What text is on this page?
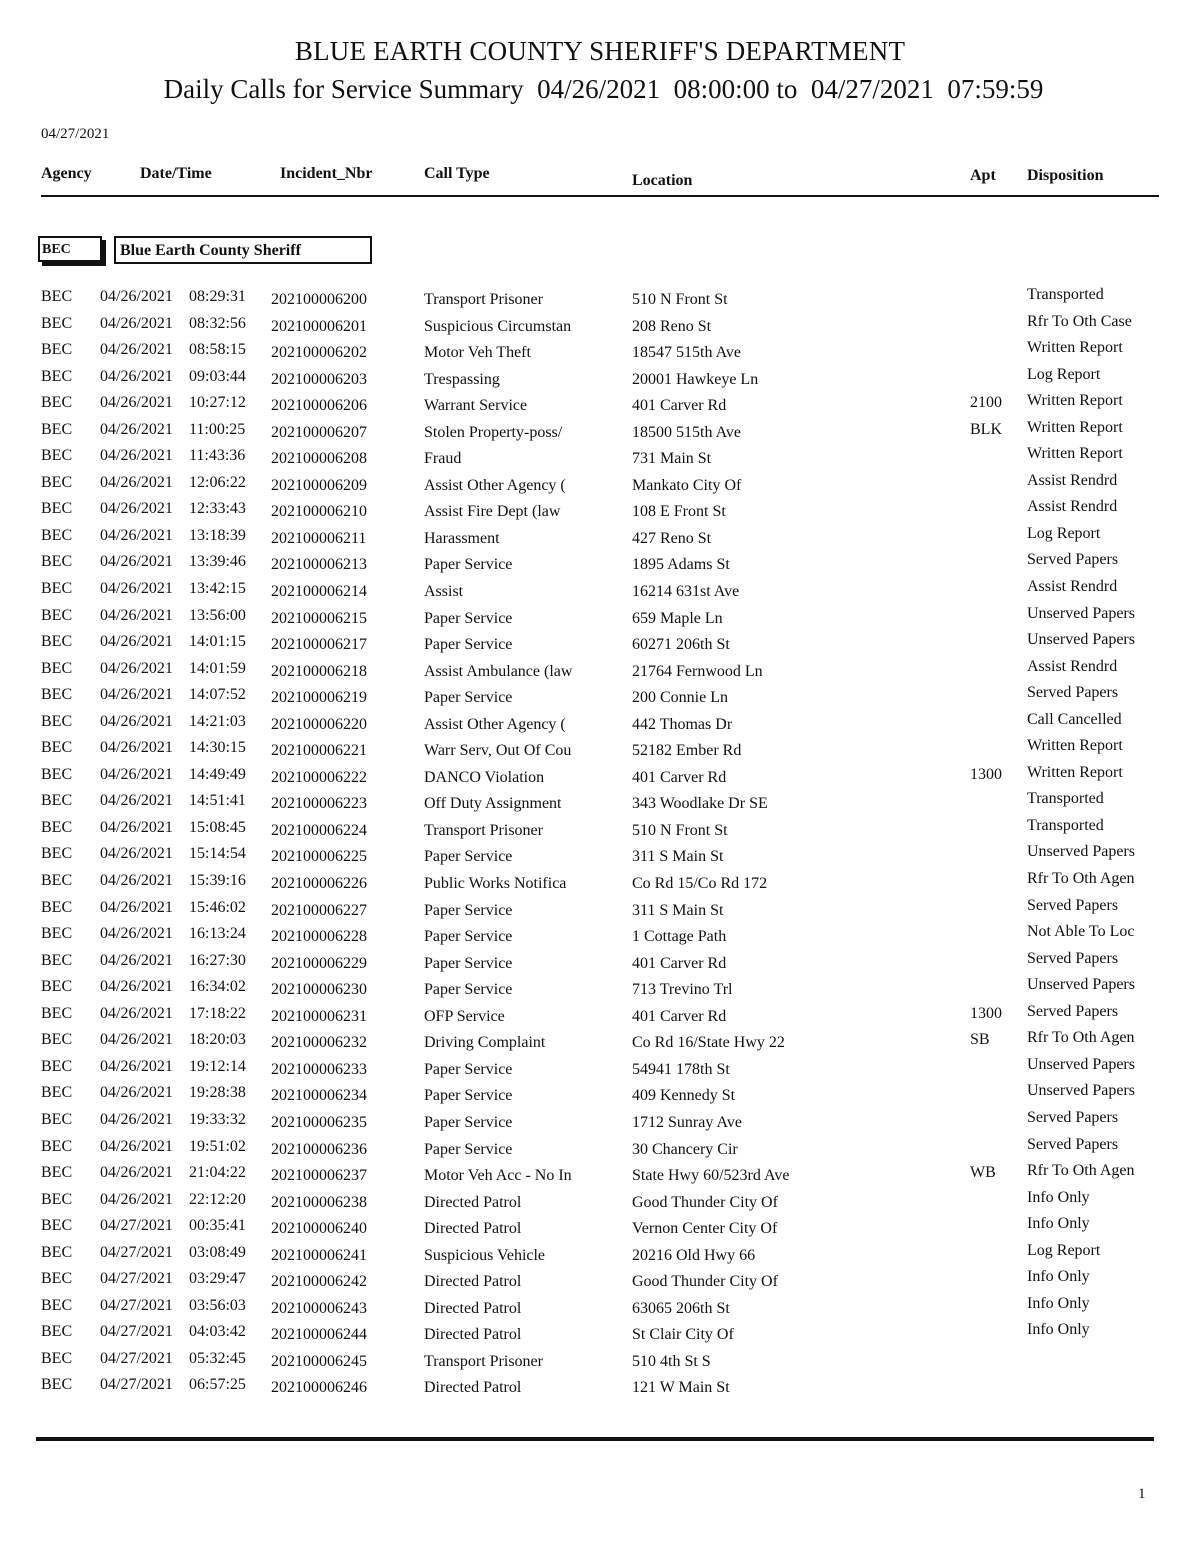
BLUE EARTH COUNTY SHERIFF'S DEPARTMENT
Daily Calls for Service Summary  04/26/2021  08:00:00 to  04/27/2021  07:59:59
04/27/2021
Agency	Date/Time	Incident_Nbr	Call Type	Location	Apt Disposition
BEC	Blue Earth County Sheriff
BEC 04/26/2021 08:29:31 202100006200	Transport Prisoner	510 N Front St	Transported
BEC 04/26/2021 08:32:56 202100006201	Suspicious Circumstan	208 Reno St	Rfr To Oth Case
BEC 04/26/2021 08:58:15 202100006202	Motor Veh Theft	18547 515th Ave	Written Report
BEC 04/26/2021 09:03:44 202100006203	Trespassing	20001 Hawkeye Ln	Log Report
BEC 04/26/2021 10:27:12 202100006206	Warrant Service	401 Carver Rd	2100 Written Report
BEC 04/26/2021 11:00:25 202100006207	Stolen Property-poss/	18500 515th Ave	BLK Written Report
BEC 04/26/2021 11:43:36 202100006208	Fraud	731 Main St	Written Report
BEC 04/26/2021 12:06:22 202100006209	Assist Other Agency (	Mankato City Of	Assist Rendrd
BEC 04/26/2021 12:33:43 202100006210	Assist Fire Dept (law	108 E Front St	Assist Rendrd
BEC 04/26/2021 13:18:39 202100006211	Harassment	427 Reno St	Log Report
BEC 04/26/2021 13:39:46 202100006213	Paper Service	1895 Adams St	Served Papers
BEC 04/26/2021 13:42:15 202100006214	Assist	16214 631st Ave	Assist Rendrd
BEC 04/26/2021 13:56:00 202100006215	Paper Service	659 Maple Ln	Unserved Papers
BEC 04/26/2021 14:01:15 202100006217	Paper Service	60271 206th St	Unserved Papers
BEC 04/26/2021 14:01:59 202100006218	Assist Ambulance (law	21764 Fernwood Ln	Assist Rendrd
BEC 04/26/2021 14:07:52 202100006219	Paper Service	200 Connie Ln	Served Papers
BEC 04/26/2021 14:21:03 202100006220	Assist Other Agency (	442 Thomas Dr	Call Cancelled
BEC 04/26/2021 14:30:15 202100006221	Warr Serv, Out Of Cou	52182 Ember Rd	Written Report
BEC 04/26/2021 14:49:49 202100006222	DANCO Violation	401 Carver Rd	1300 Written Report
BEC 04/26/2021 14:51:41 202100006223	Off Duty Assignment	343 Woodlake Dr SE	Transported
BEC 04/26/2021 15:08:45 202100006224	Transport Prisoner	510 N Front St	Transported
BEC 04/26/2021 15:14:54 202100006225	Paper Service	311 S Main St	Unserved Papers
BEC 04/26/2021 15:39:16 202100006226	Public Works Notifica	Co Rd 15/Co Rd 172	Rfr To Oth Agen
BEC 04/26/2021 15:46:02 202100006227	Paper Service	311 S Main St	Served Papers
BEC 04/26/2021 16:13:24 202100006228	Paper Service	1 Cottage Path	Not Able To Loc
BEC 04/26/2021 16:27:30 202100006229	Paper Service	401 Carver Rd	Served Papers
BEC 04/26/2021 16:34:02 202100006230	Paper Service	713 Trevino Trl	Unserved Papers
BEC 04/26/2021 17:18:22 202100006231	OFP Service	401 Carver Rd	1300 Served Papers
BEC 04/26/2021 18:20:03 202100006232	Driving Complaint	Co Rd 16/State Hwy 22	SB Rfr To Oth Agen
BEC 04/26/2021 19:12:14 202100006233	Paper Service	54941 178th St	Unserved Papers
BEC 04/26/2021 19:28:38 202100006234	Paper Service	409 Kennedy St	Unserved Papers
BEC 04/26/2021 19:33:32 202100006235	Paper Service	1712 Sunray Ave	Served Papers
BEC 04/26/2021 19:51:02 202100006236	Paper Service	30 Chancery Cir	Served Papers
BEC 04/26/2021 21:04:22 202100006237	Motor Veh Acc - No In	State Hwy 60/523rd Ave	WB Rfr To Oth Agen
BEC 04/26/2021 22:12:20 202100006238	Directed Patrol	Good Thunder City Of	Info Only
BEC 04/27/2021 00:35:41 202100006240	Directed Patrol	Vernon Center City Of	Info Only
BEC 04/27/2021 03:08:49 202100006241	Suspicious Vehicle	20216 Old Hwy 66	Log Report
BEC 04/27/2021 03:29:47 202100006242	Directed Patrol	Good Thunder City Of	Info Only
BEC 04/27/2021 03:56:03 202100006243	Directed Patrol	63065 206th St	Info Only
BEC 04/27/2021 04:03:42 202100006244	Directed Patrol	St Clair City Of	Info Only
BEC 04/27/2021 05:32:45 202100006245	Transport Prisoner	510 4th St S
BEC 04/27/2021 06:57:25 202100006246	Directed Patrol	121 W Main St
1
